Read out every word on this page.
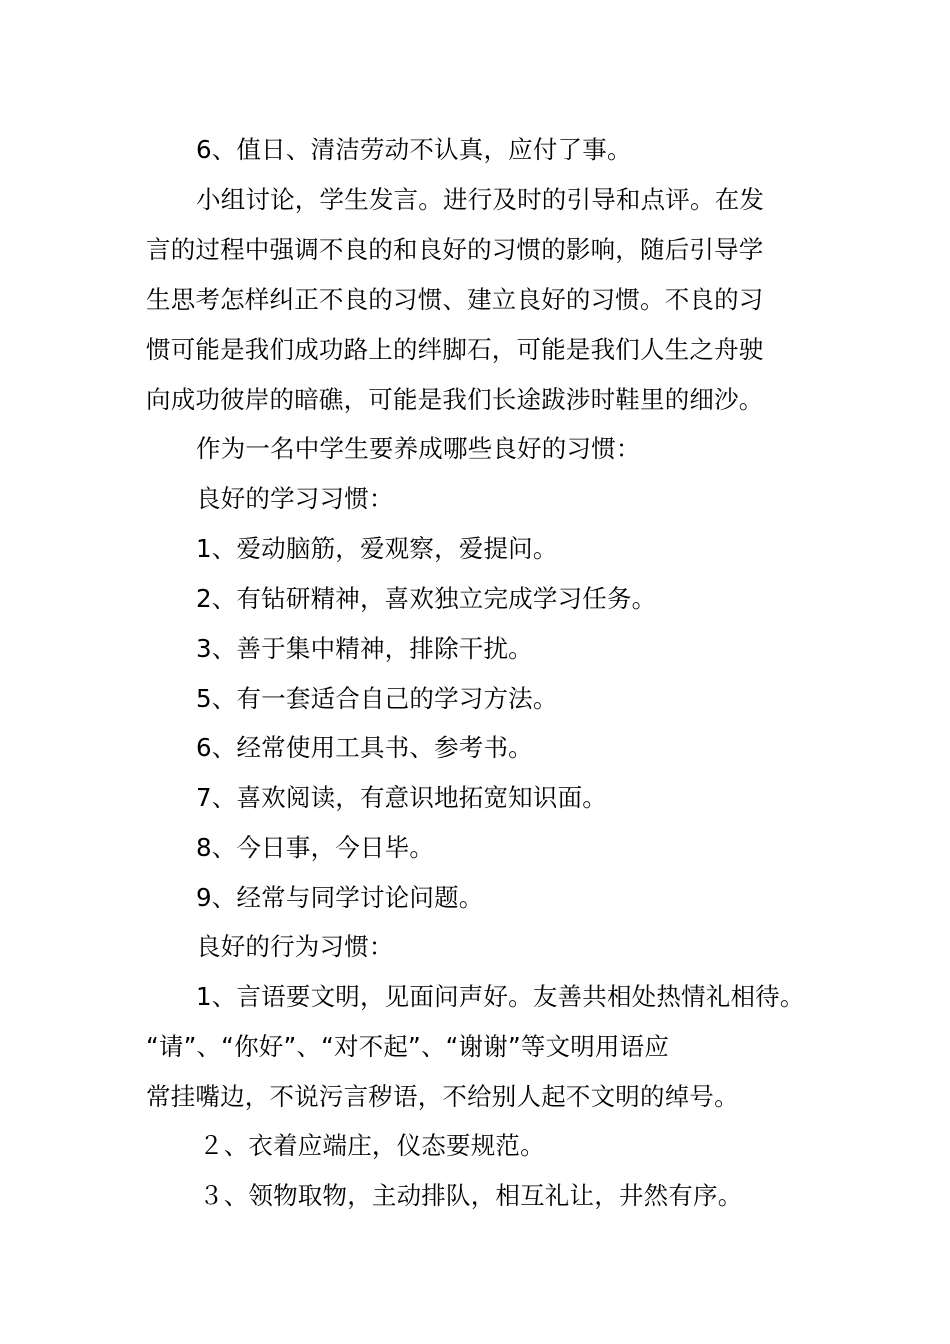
6、值日、清洁劳动不认真，应付了事。
小组讨论，学生发言。进行及时的引导和点评。在发
言的过程中强调不良的和良好的习惯的影响，随后引导学
生思考怎样纠正不良的习惯、建立良好的习惯。不良的习
惯可能是我们成功路上的绊脚石，可能是我们人生之舟驶
向成功彼岸的暗礁，可能是我们长途跋涉时鞋里的细沙。
作为一名中学生要养成哪些良好的习惯：
良好的学习习惯：
1、爱动脑筋，爱观察，爱提问。
2、有钻研精神，喜欢独立完成学习任务。
3、善于集中精神，排除干扰。
5、有一套适合自己的学习方法。
6、经常使用工具书、参考书。
7、喜欢阅读，有意识地拓宽知识面。
8、今日事，今日毕。
9、经常与同学讨论问题。
良好的行为习惯：
1、言语要文明，见面问声好。友善共相处热情礼相待。
“请”、“你好”、“对不起”、“谢谢”等文明用语应
常挂嘴边，不说污言秽语，不给别人起不文明的绰号。
２、衣着应端庄，仪态要规范。
３、领物取物，主动排队，相互礼让，井然有序。
